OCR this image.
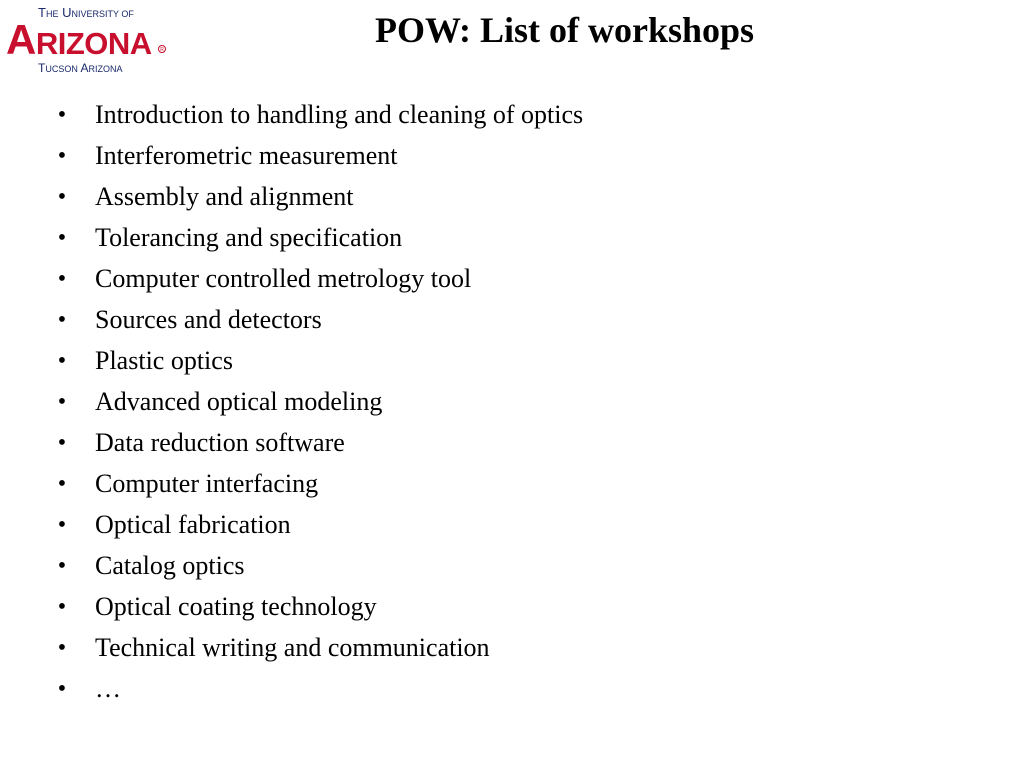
THE UNIVERSITY OF
ARIZONA R
TUCSON ARIZONA
POW: List of workshops
• Introduction to handling and cleaning of optics
• Interferometric measurement
• Assembly and alignment
• Tolerancing and specification
• Computer controlled metrology tool
• Sources and detectors
• Plastic optics
• Advanced optical modeling
• Data reduction software
• Computer interfacing
• Optical fabrication
• Catalog optics
• Optical coating technology
• Technical writing and communication
• …
